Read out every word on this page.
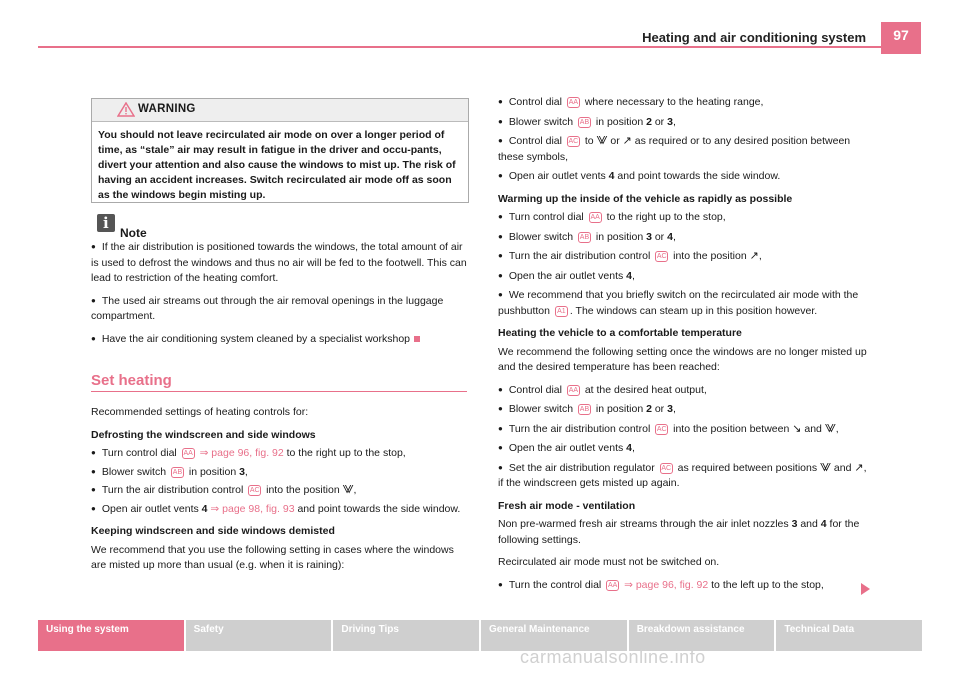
Heating and air conditioning system	97
WARNING
You should not leave recirculated air mode on over a longer period of time, as “stale” air may result in fatigue in the driver and occu-pants, divert your attention and also cause the windows to mist up. The risk of having an accident increases. Switch recirculated air mode off as soon as the windows begin misting up.
i
Note

● If the air distribution is positioned towards the windows, the total amount of air is used to defrost the windows and thus no air will be fed to the footwell. This can lead to restriction of the heating comfort.

● The used air streams out through the air removal openings in the luggage compartment.

● Have the air conditioning system cleaned by a specialist workshop

Set heating

Recommended settings of heating controls for:

Defrosting the windscreen and side windows

● Turn control dial AA ⇒ page 96, fig. 92 to the right up to the stop,

● Blower switch AB in position 3,

● Turn the air distribution control AC into the position ⨈,

● Open air outlet vents 4 ⇒ page 98, fig. 93 and point towards the side window.

Keeping windscreen and side windows demisted

We recommend that you use the following setting in cases where the windows are misted up more than usual (e.g. when it is raining):

● Control dial AA where necessary to the heating range,

● Blower switch AB in position 2 or 3,

● Control dial AC to ⨈ or ↗ as required or to any desired position between these symbols,

● Open air outlet vents 4 and point towards the side window.

Warming up the inside of the vehicle as rapidly as possible

● Turn control dial AA to the right up to the stop,

● Blower switch AB in position 3 or 4,

● Turn the air distribution control AC into the position ↗,

● Open the air outlet vents 4,

● We recommend that you briefly switch on the recirculated air mode with the pushbutton A1 . The windows can steam up in this position however.

Heating the vehicle to a comfortable temperature

We recommend the following setting once the windows are no longer misted up and the desired temperature has been reached:

● Control dial AA at the desired heat output,

● Blower switch AB in position 2 or 3,

● Turn the air distribution control AC into the position between ↘ and ⨈,

● Open the air outlet vents 4,

● Set the air distribution regulator AC as required between positions ⨈ and ↗, if the windscreen gets misted up again.

Fresh air mode - ventilation

Non pre-warmed fresh air streams through the air inlet nozzles 3 and 4 for the following settings.

Recirculated air mode must not be switched on.

● Turn the control dial AA ⇒ page 96, fig. 92 to the left up to the stop,

Using the system	Safety	Driving Tips	General Maintenance	Breakdown assistance	Technical Data
carmanualsonline.info
